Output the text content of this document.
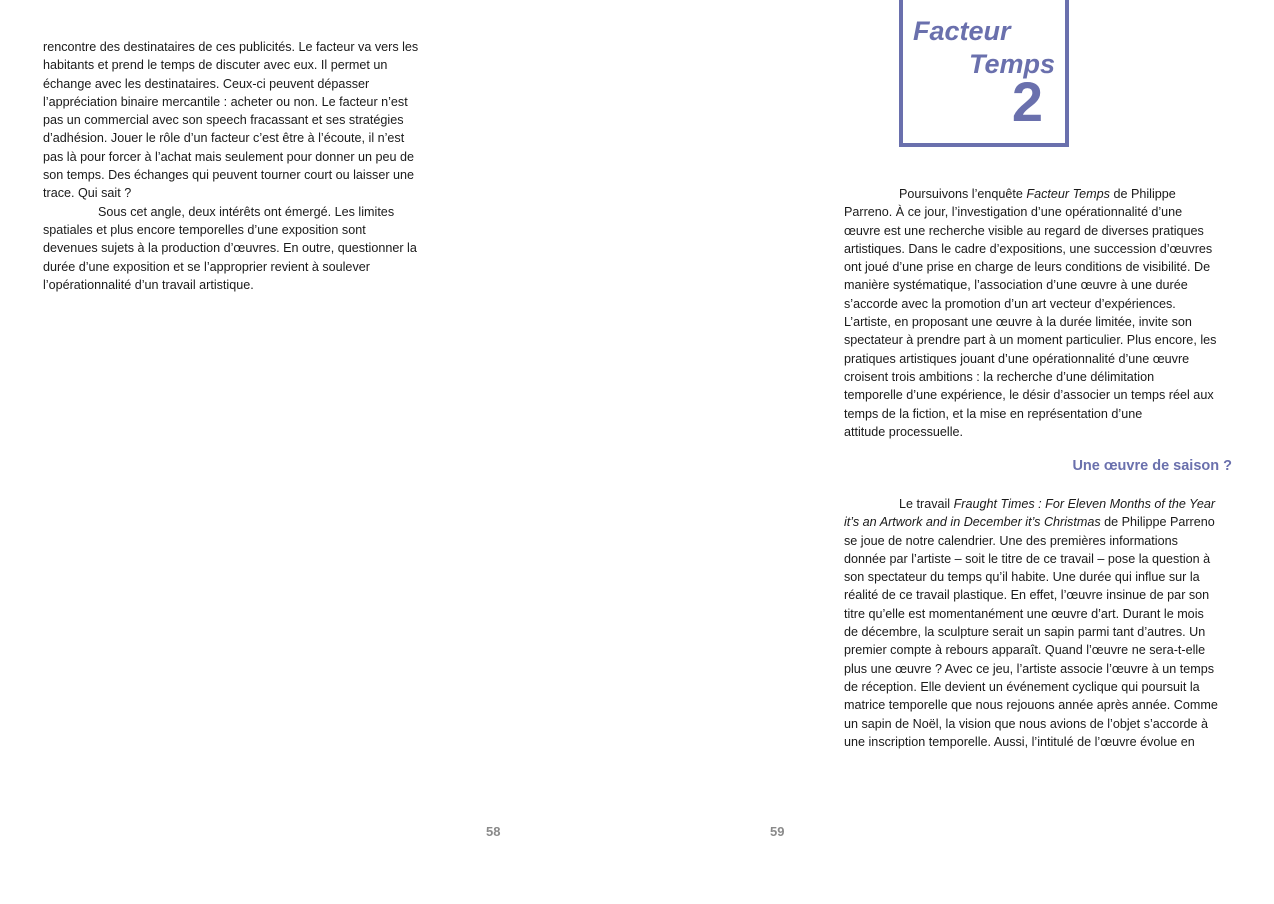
rencontre des destinataires de ces publicités. Le facteur va vers les
habitants et prend le temps de discuter avec eux. Il permet un
échange avec les destinataires. Ceux-ci peuvent dépasser
l’appréciation binaire mercantile : acheter ou non. Le facteur n’est
pas un commercial avec son speech fracassant et ses stratégies
d’adhésion. Jouer le rôle d’un facteur c’est être à l’écoute, il n’est
pas là pour forcer à l’achat mais seulement pour donner un peu de
son temps. Des échanges qui peuvent tourner court ou laisser une
trace. Qui sait ?

Sous cet angle, deux intérêts ont émergé. Les limites
spatiales et plus encore temporelles d’une exposition sont
devenues sujets à la production d’œuvres. En outre, questionner la
durée d’une exposition et se l’approprier revient à soulever
l’opérationnalité d’un travail artistique.

58
Facteur
Temps
2
Poursuivons l’enquête Facteur Temps de Philippe
Parreno. À ce jour, l’investigation d’une opérationnalité d’une
œuvre est une recherche visible au regard de diverses pratiques
artistiques. Dans le cadre d’expositions, une succession d’œuvres
ont joué d’une prise en charge de leurs conditions de visibilité. De
manière systématique, l’association d’une œuvre à une durée
s’accorde avec la promotion d’un art vecteur d’expériences.
L’artiste, en proposant une œuvre à la durée limitée, invite son
spectateur à prendre part à un moment particulier. Plus encore, les
pratiques artistiques jouant d’une opérationnalité d’une œuvre
croisent trois ambitions : la recherche d’une délimitation
temporelle d’une expérience, le désir d’associer un temps réel aux
temps de la fiction, et la mise en représentation d’une
attitude processuelle.
Une œuvre de saison ?
Le travail Fraught Times : For Eleven Months of the Year
it’s an Artwork and in December it’s Christmas de Philippe Parreno
se joue de notre calendrier. Une des premières informations
donnée par l’artiste – soit le titre de ce travail – pose la question à
son spectateur du temps qu’il habite. Une durée qui influe sur la
réalité de ce travail plastique. En effet, l’œuvre insinue de par son
titre qu’elle est momentanément une œuvre d’art. Durant le mois
de décembre, la sculpture serait un sapin parmi tant d’autres. Un
premier compte à rebours apparaît. Quand l’œuvre ne sera-t-elle
plus une œuvre ? Avec ce jeu, l’artiste associe l’œuvre à un temps
de réception. Elle devient un événement cyclique qui poursuit la
matrice temporelle que nous rejouons année après année. Comme
un sapin de Noël, la vision que nous avions de l’objet s’accorde à
une inscription temporelle. Aussi, l’intitulé de l’œuvre évolue en
59
